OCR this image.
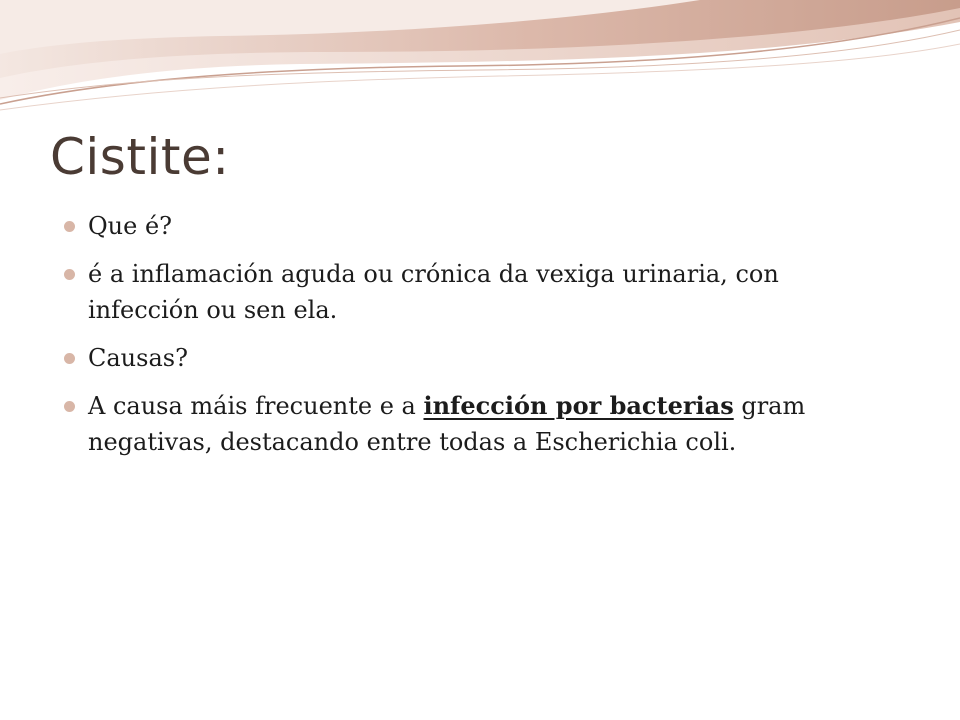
Cistite:
Que é?
é a inflamación aguda ou crónica da vexiga urinaria, con infección ou sen ela.
Causas?
A causa máis frecuente e a infección por bacterias gram negativas, destacando entre todas a Escherichia coli.
